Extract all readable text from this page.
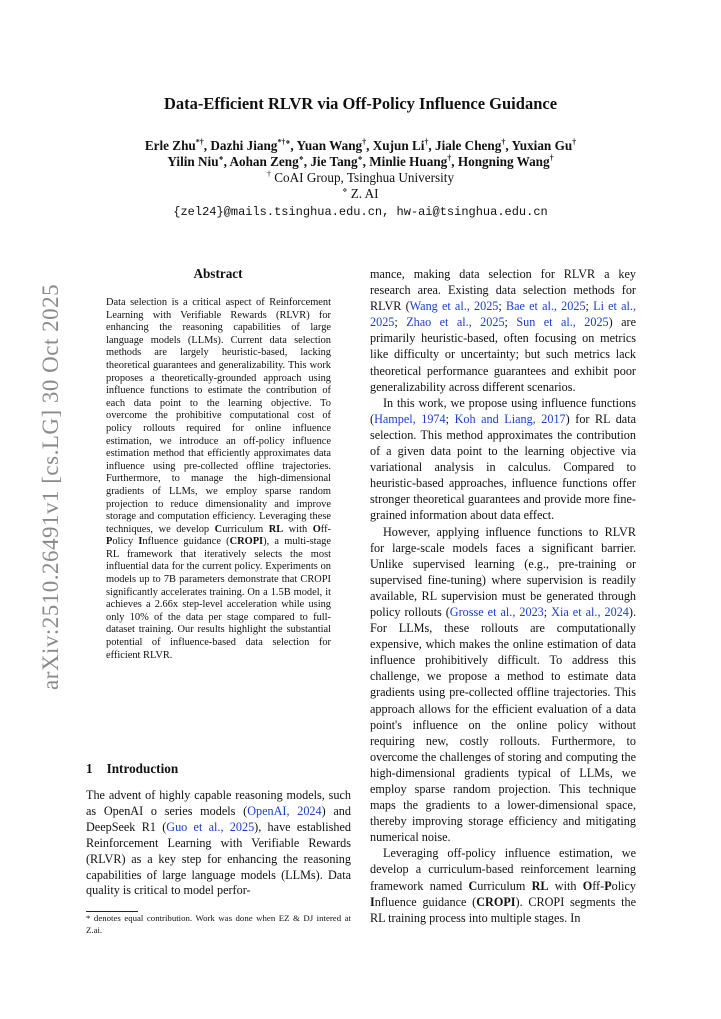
arXiv:2510.26491v1 [cs.LG] 30 Oct 2025
Data-Efficient RLVR via Off-Policy Influence Guidance
Erle Zhu*†, Dazhi Jiang*†⋄, Yuan Wang†, Xujun Li†, Jiale Cheng†, Yuxian Gu†
Yilin Niu⋄, Aohan Zeng⋄, Jie Tang⋄, Minlie Huang†, Hongning Wang†
† CoAI Group, Tsinghua University
⋄ Z. AI
{zel24}@mails.tsinghua.edu.cn, hw-ai@tsinghua.edu.cn
Abstract
Data selection is a critical aspect of Reinforcement Learning with Verifiable Rewards (RLVR) for enhancing the reasoning capabilities of large language models (LLMs). Current data selection methods are largely heuristic-based, lacking theoretical guarantees and generalizability. This work proposes a theoretically-grounded approach using influence functions to estimate the contribution of each data point to the learning objective. To overcome the prohibitive computational cost of policy rollouts required for online influence estimation, we introduce an off-policy influence estimation method that efficiently approximates data influence using pre-collected offline trajectories. Furthermore, to manage the high-dimensional gradients of LLMs, we employ sparse random projection to reduce dimensionality and improve storage and computation efficiency. Leveraging these techniques, we develop Curriculum RL with Off-Policy Influence guidance (CROPI), a multi-stage RL framework that iteratively selects the most influential data for the current policy. Experiments on models up to 7B parameters demonstrate that CROPI significantly accelerates training. On a 1.5B model, it achieves a 2.66x step-level acceleration while using only 10% of the data per stage compared to full-dataset training. Our results highlight the substantial potential of influence-based data selection for efficient RLVR.
1 Introduction
The advent of highly capable reasoning models, such as OpenAI o series models (OpenAI, 2024) and DeepSeek R1 (Guo et al., 2025), have established Reinforcement Learning with Verifiable Rewards (RLVR) as a key step for enhancing the reasoning capabilities of large language models (LLMs). Data quality is critical to model perfor-
* denotes equal contribution. Work was done when EZ & DJ intered at Z.ai.

mance, making data selection for RLVR a key research area. Existing data selection methods for RLVR (Wang et al., 2025; Bae et al., 2025; Li et al., 2025; Zhao et al., 2025; Sun et al., 2025) are primarily heuristic-based, often focusing on metrics like difficulty or uncertainty; but such metrics lack theoretical performance guarantees and exhibit poor generalizability across different scenarios.

In this work, we propose using influence functions (Hampel, 1974; Koh and Liang, 2017) for RL data selection. This method approximates the contribution of a given data point to the learning objective via variational analysis in calculus. Compared to heuristic-based approaches, influence functions offer stronger theoretical guarantees and provide more fine-grained information about data effect.

However, applying influence functions to RLVR for large-scale models faces a significant barrier. Unlike supervised learning (e.g., pre-training or supervised fine-tuning) where supervision is readily available, RL supervision must be generated through policy rollouts (Grosse et al., 2023; Xia et al., 2024). For LLMs, these rollouts are computationally expensive, which makes the online estimation of data influence prohibitively difficult. To address this challenge, we propose a method to estimate data gradients using pre-collected offline trajectories. This approach allows for the efficient evaluation of a data point's influence on the online policy without requiring new, costly rollouts. Furthermore, to overcome the challenges of storing and computing the high-dimensional gradients typical of LLMs, we employ sparse random projection. This technique maps the gradients to a lower-dimensional space, thereby improving storage efficiency and mitigating numerical noise.

Leveraging off-policy influence estimation, we develop a curriculum-based reinforcement learning framework named Curriculum RL with Off-Policy Influence guidance (CROPI). CROPI segments the RL training process into multiple stages. In
